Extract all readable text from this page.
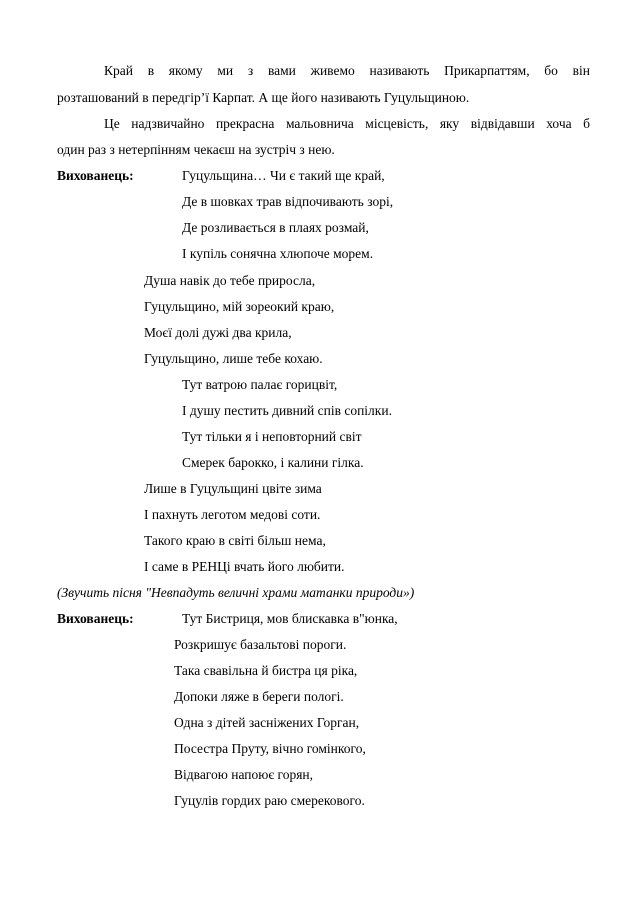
Край в якому ми з вами живемо називають Прикарпаттям, бо він
розташований в передгір’ї Карпат. А ще його називають Гуцульщиною.
Це надзвичайно прекрасна мальовнича місцевість, яку відвідавши хоча б
один раз з нетерпінням чекаєш на зустріч з нею.
Вихованець:	Гуцульщина… Чи є такий ще край,
Де в шовках трав відпочивають зорі,
Де розливається в плаях розмай,
І купіль сонячна хлюпоче морем.
Душа навік до тебе приросла,
Гуцульщино, мій зореокий краю,
Моєї долі дужі два крила,
Гуцульщино, лише тебе кохаю.
Тут ватрою палає горицвіт,
І душу пестить дивний спів сопілки.
Тут тільки я і неповторний світ
Смерек барокко, і калини гілка.
Лише в Гуцульщині цвіте зима
І пахнуть леготом медові соти.
Такого краю в світі більш нема,
І саме в РЕНЦі вчать його любити.
(Звучить пісня "Невпадуть величні храми матанки природи»)
Вихованець:	Тут Бистриця, мов блискавка в"юнка,
Розкришує базальтові пороги.
Така свавільна й бистра ця ріка,
Допоки ляже в береги пологі.
Одна з дітей засніжених Горган,
Посестра Пруту, вічно гомінкого,
Відвагою напоює горян,
Гуцулів гордих раю смерекового.
